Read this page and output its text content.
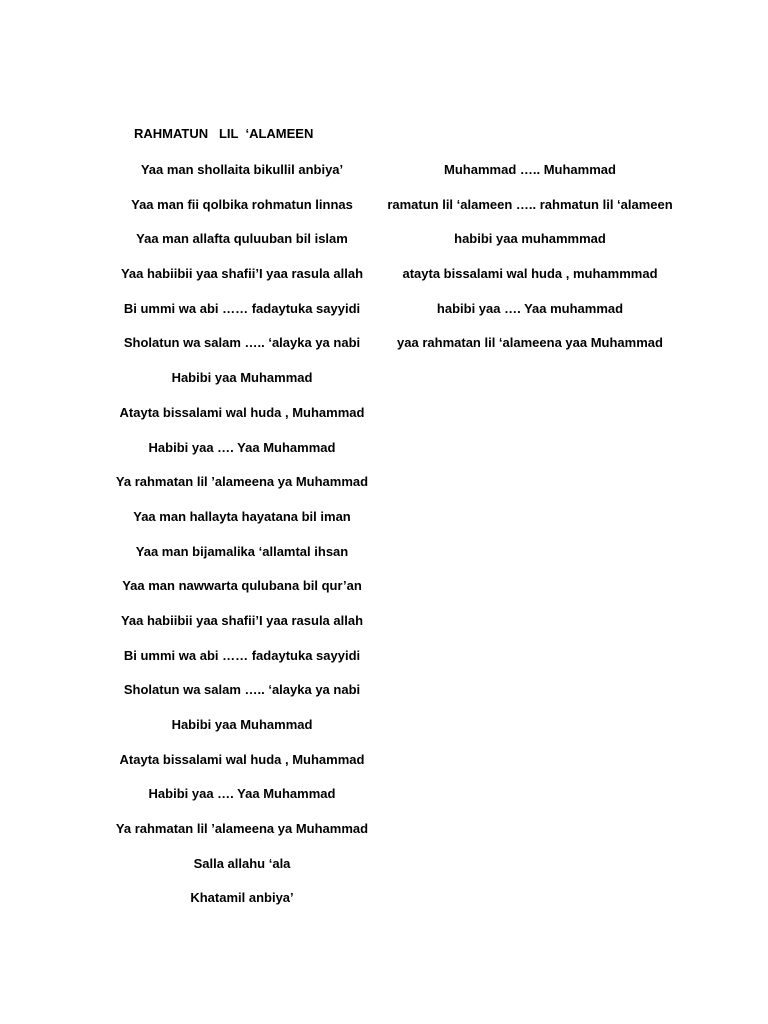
RAHMATUN   LIL  ‘ALAMEEN
Yaa man shollaita bikullil anbiya’
Yaa man fii qolbika rohmatun linnas
Yaa man allafta quluuban bil islam
Yaa habiibii yaa shafii’I yaa rasula allah
Bi ummi wa abi …… fadaytuka sayyidi
Sholatun wa salam ….. ‘alayka ya nabi
Habibi yaa Muhammad
Atayta bissalami wal huda , Muhammad
Habibi yaa …. Yaa Muhammad
Ya rahmatan lil ’alameena ya Muhammad
Yaa man hallayta hayatana bil iman
Yaa man bijamalika ‘allamtal ihsan
Yaa man nawwarta qulubana bil qur’an
Yaa habiibii yaa shafii’I yaa rasula allah
Bi ummi wa abi …… fadaytuka sayyidi
Sholatun wa salam ….. ‘alayka ya nabi
Habibi yaa Muhammad
Atayta bissalami wal huda , Muhammad
Habibi yaa …. Yaa Muhammad
Ya rahmatan lil ’alameena ya Muhammad
Salla allahu ‘ala
Khatamil anbiya’
Muhammad ….. Muhammad
ramatun lil ‘alameen ….. rahmatun lil ‘alameen
habibi yaa muhammmad
atayta bissalami wal huda , muhammmad
habibi yaa …. Yaa muhammad
yaa rahmatan lil ‘alameena yaa Muhammad
